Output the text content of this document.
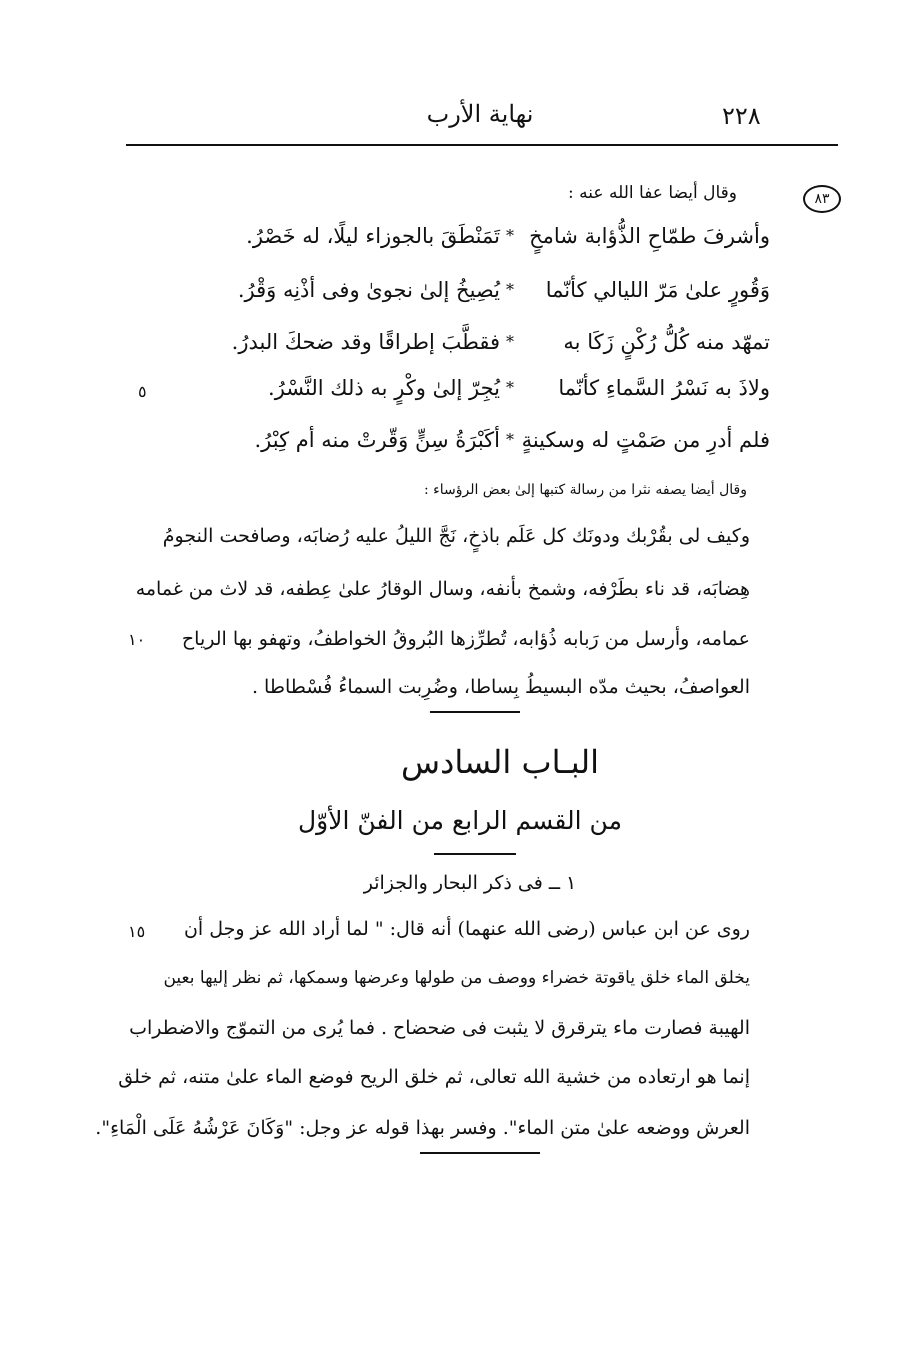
نهاية الأرب	٢٢٨
٨٣
وقال أيضا عفا الله عنه :
وأشرفَ طمّاحِ الذُّؤابة شامخٍ
*
تَمَنْطَقَ بالجوزاء ليلًا، له خَصْرُ.
وَقُورٍ علىٰ مَرّ الليالي كأنّما
*
يُصِيخُ إلىٰ نجوىٰ وفى أذْنِه وَقْرُ.
تمهّد منه كُلُّ رُكْنٍ زَكَا به
*
فقطَّبَ إطراقًا وقد ضحكَ البدرُ.
ولاذَ به نَسْرُ السَّماءِ كأنّما
*
يُجِرّ إلىٰ وكْرٍ به ذلك النَّسْرُ.
فلم أدرِ من صَمْتٍ له وسكينةٍ
*
أكَبْرَةُ سِنٍّ وَقّرتْ منه أم كِبْرُ.
٥
وقال أيضا يصفه نثرا من رسالة كتبها إلىٰ بعض الرؤساء :
وكيف لى بقُرْبك ودونَك كل عَلَم باذخٍ، نَجَّ الليلُ عليه رُضابَه، وصافحت النجومُ
هِضابَه، قد ناء بطَرْفه، وشمخ بأنفه، وسال الوقارُ علىٰ عِطفه، قد لاث من غمامه
عمامه، وأرسل من رَبابه ذُؤابه، تُطرِّزها البُروقُ الخواطفُ، وتهفو بها الرياح
العواصفُ، بحيث مدّه البسيطُ بِساطا، وضُرِبت السماءُ فُسْطاطا .
١٠
البـاب السادس
من القسم الرابع من الفنّ الأوّل
١ ــ فى ذكر البحار والجزائر
روى عن ابن عباس (رضى الله عنهما) أنه قال: " لما أراد الله عز وجل أن
يخلق الماء خلق ياقوتة خضراء ووصف من طولها وعرضها وسمكها، ثم نظر إليها بعين
الهيبة فصارت ماء يترقرق لا يثبت فى ضحضاح . فما يُرى من التموّج والاضطراب
إنما هو ارتعاده من خشية الله تعالى، ثم خلق الريح فوضع الماء علىٰ متنه، ثم خلق
العرش ووضعه علىٰ متن الماء". وفسر بهذا قوله عز وجل: "وَكَانَ عَرْشُهُ عَلَى الْمَاءِ".
١٥
